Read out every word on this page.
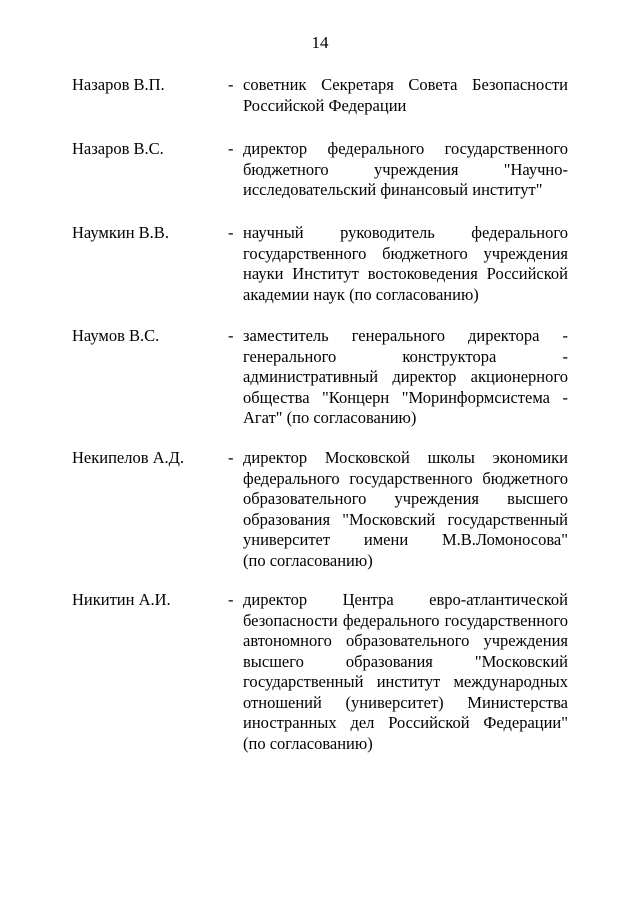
14
Назаров В.П.	- советник Секретаря Совета Безопасности
Российской Федерации
Назаров В.С.	- директор федерального государственного
бюджетного учреждения "Научно-
исследовательский финансовый институт"
Наумкин В.В.	- научный руководитель федерального
государственного бюджетного учреждения
науки Институт востоковедения Российской
академии наук (по согласованию)
Наумов В.С.	- заместитель генерального директора -
генерального конструктора -
административный директор акционерного
общества "Концерн "Моринформсистема -
Агат" (по согласованию)
Некипелов А.Д.	- директор Московской школы экономики
федерального государственного бюджетного
образовательного учреждения высшего
образования "Московский государственный
университет имени М.В.Ломоносова"
(по согласованию)
Никитин А.И.	- директор Центра евро-атлантической
безопасности федерального государственного
автономного образовательного учреждения
высшего образования "Московский
государственный институт международных
отношений (университет) Министерства
иностранных дел Российской Федерации"
(по согласованию)
